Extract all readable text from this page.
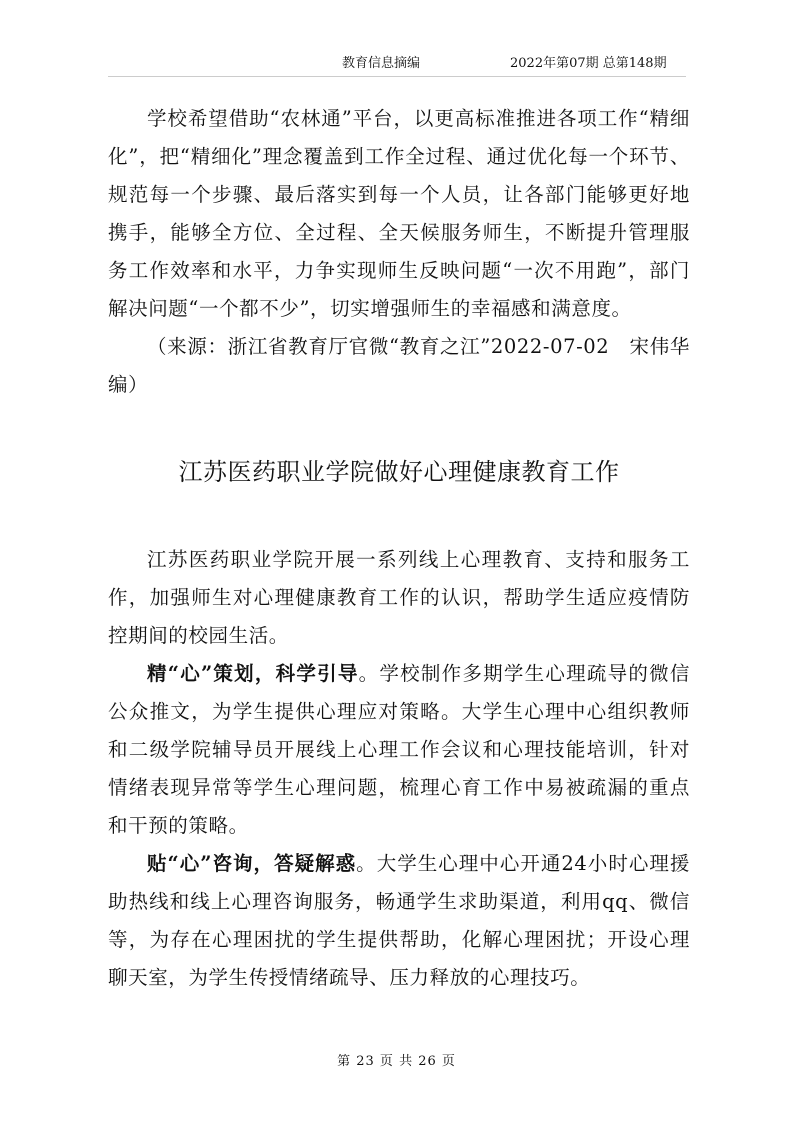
教育信息摘编	2022年第07期 总第148期

学校希望借助“农林通”平台，以更高标准推进各项工作“精细化”，把“精细化”理念覆盖到工作全过程、通过优化每一个环节、规范每一个步骤、最后落实到每一个人员，让各部门能够更好地携手，能够全方位、全过程、全天候服务师生，不断提升管理服务工作效率和水平，力争实现师生反映问题“一次不用跑”，部门解决问题“一个都不少”，切实增强师生的幸福感和满意度。

（来源：浙江省教育厅官微“教育之江”2022-07-02　宋伟华编）

江苏医药职业学院做好心理健康教育工作

江苏医药职业学院开展一系列线上心理教育、支持和服务工作，加强师生对心理健康教育工作的认识，帮助学生适应疫情防控期间的校园生活。

精“心”策划，科学引导。学校制作多期学生心理疏导的微信公众推文，为学生提供心理应对策略。大学生心理中心组织教师和二级学院辅导员开展线上心理工作会议和心理技能培训，针对情绪表现异常等学生心理问题，梳理心育工作中易被疏漏的重点和干预的策略。

贴“心”咨询，答疑解惑。大学生心理中心开通24小时心理援助热线和线上心理咨询服务，畅通学生求助渠道，利用qq、微信等，为存在心理困扰的学生提供帮助，化解心理困扰；开设心理聊天室，为学生传授情绪疏导、压力释放的心理技巧。

第 23 页 共 26 页
